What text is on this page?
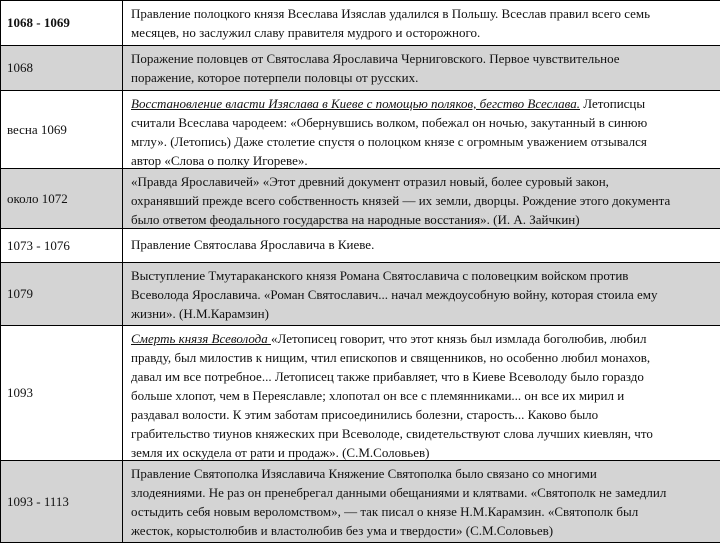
1068 - 1069
Правление полоцкого князя Всеслава Изяслав удалился в Польшу. Всеслав правил всего семь
месяцев, но заслужил славу правителя мудрого и осторожного.
1068
Поражение половцев от Святослава Ярославича Черниговского. Первое чувствительное
поражение, которое потерпели половцы от русских.
весна 1069
Восстановление власти Изяслава в Киеве с помощью поляков, бегство Всеслава. Летописцы
считали Всеслава чародеем: «Обернувшись волком, побежал он ночью, закутанный в синюю
мглу». (Летопись) Даже столетие спустя о полоцком князе с огромным уважением отзывался
автор «Слова о полку Игореве».
около 1072
«Правда Ярославичей» «Этот древний документ отразил новый, более суровый закон,
охранявший прежде всего собственность князей — их земли, дворцы. Рождение этого документа
было ответом феодального государства на народные восстания». (И. А. Зайчкин)
1073 - 1076	Правление Святослава Ярославича в Киеве.
1079
Выступление Тмутараканского князя Романа Святославича с половецким войском против
Всеволода Ярославича. «Роман Святославич... начал междоусобную войну, которая стоила ему
жизни». (Н.М.Карамзин)
1093
Смерть князя Всеволода «Летописец говорит, что этот князь был измлада боголюбив, любил
правду, был милостив к нищим, чтил епископов и священников, но особенно любил монахов,
давал им все потребное... Летописец также прибавляет, что в Киеве Всеволоду было гораздо
больше хлопот, чем в Переяславле; хлопотал он все с племянниками... он все их мирил и
раздавал волости. К этим заботам присоединились болезни, старость... Каково было
грабительство тиунов княжеских при Всеволоде, свидетельствуют слова лучших киевлян, что
земля их оскудела от рати и продаж». (С.М.Соловьев)
1093 - 1113
Правление Святополка Изяславича Княжение Святополка было связано со многими
злодеяниями. Не раз он пренебрегал данными обещаниями и клятвами. «Святополк не замедлил
остыдить себя новым вероломством», — так писал о князе Н.М.Карамзин. «Святополк был
жесток, корыстолюбив и властолюбив без ума и твердости» (С.М.Соловьев)
